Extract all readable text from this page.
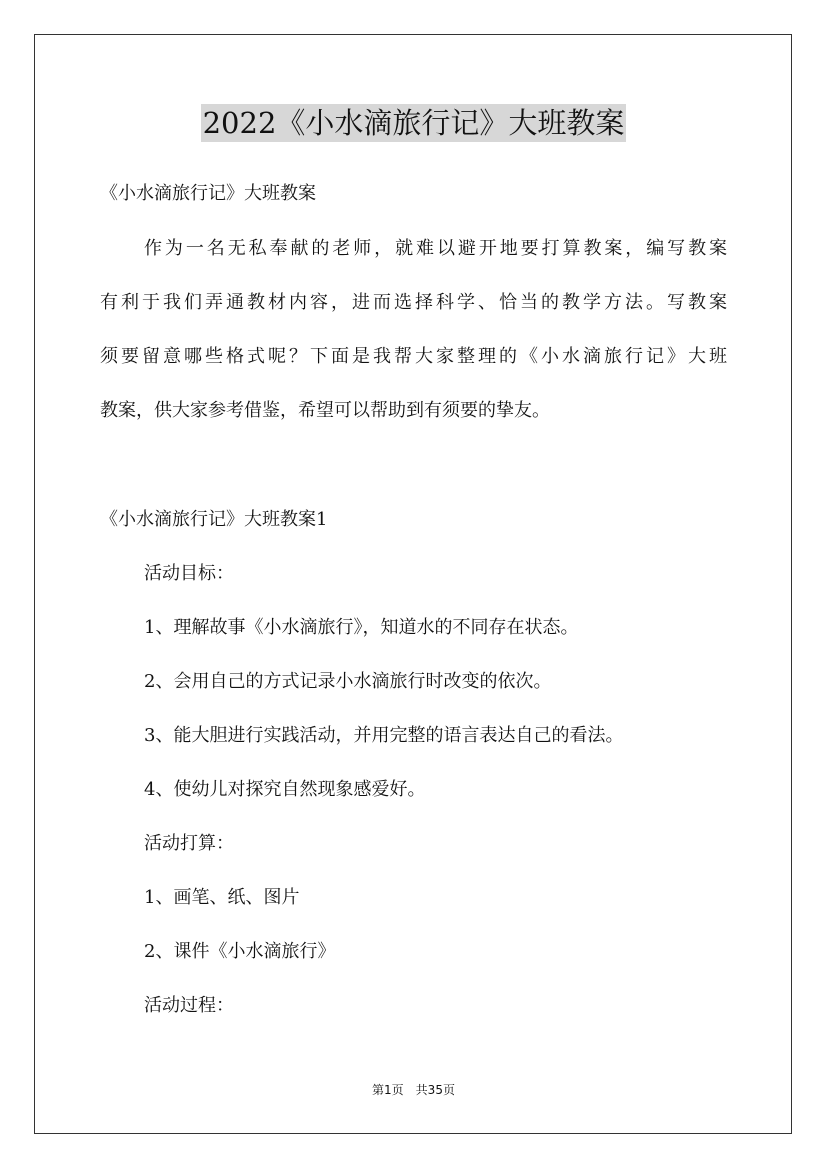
2022《小水滴旅行记》大班教案
《小水滴旅行记》大班教案
作为一名无私奉献的老师，就难以避开地要打算教案，编写教案
有利于我们弄通教材内容，进而选择科学、恰当的教学方法。写教案
须要留意哪些格式呢？下面是我帮大家整理的《小水滴旅行记》大班
教案，供大家参考借鉴，希望可以帮助到有须要的挚友。
《小水滴旅行记》大班教案1
活动目标：
1、理解故事《小水滴旅行》，知道水的不同存在状态。
2、会用自己的方式记录小水滴旅行时改变的依次。
3、能大胆进行实践活动，并用完整的语言表达自己的看法。
4、使幼儿对探究自然现象感爱好。
活动打算：
1、画笔、纸、图片
2、课件《小水滴旅行》
活动过程：
第1页　共35页
